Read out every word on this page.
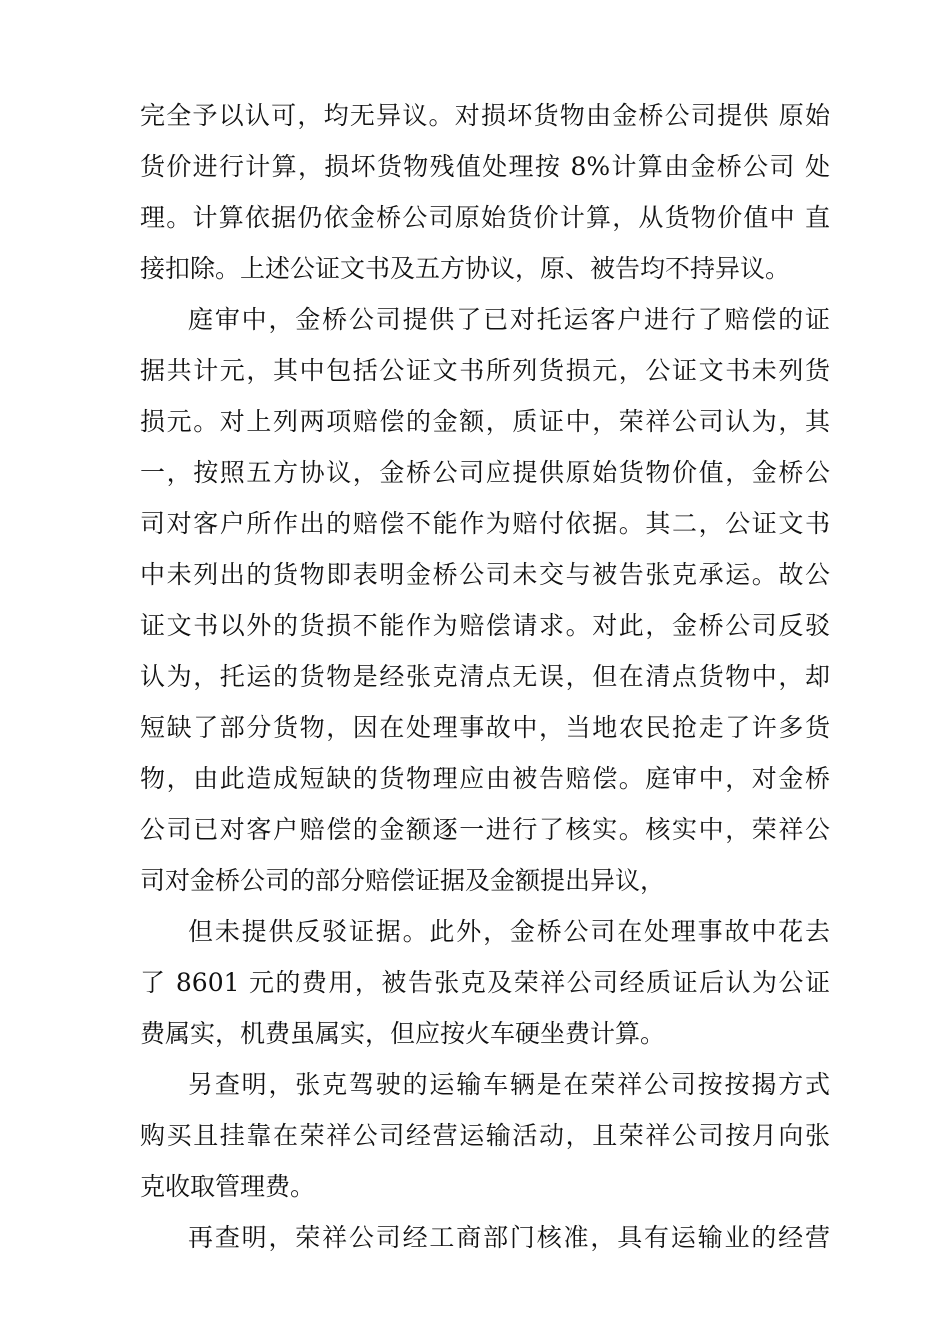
完全予以认可，均无异议。对损坏货物由金桥公司提供 原始
货价进行计算，损坏货物残值处理按 8%计算由金桥公司 处
理。计算依据仍依金桥公司原始货价计算，从货物价值中 直
接扣除。上述公证文书及五方协议，原、被告均不持异议。
庭审中，金桥公司提供了已对托运客户进行了赔偿的证
据共计元，其中包括公证文书所列货损元，公证文书未列货
损元。对上列两项赔偿的金额，质证中，荣祥公司认为，其
一，按照五方协议，金桥公司应提供原始货物价值，金桥公
司对客户所作出的赔偿不能作为赔付依据。其二，公证文书
中未列出的货物即表明金桥公司未交与被告张克承运。故公
证文书以外的货损不能作为赔偿请求。对此，金桥公司反驳
认为，托运的货物是经张克清点无误，但在清点货物中，却
短缺了部分货物，因在处理事故中，当地农民抢走了许多货
物，由此造成短缺的货物理应由被告赔偿。庭审中，对金桥
公司已对客户赔偿的金额逐一进行了核实。核实中，荣祥公
司对金桥公司的部分赔偿证据及金额提出异议，
但未提供反驳证据。此外，金桥公司在处理事故中花去
了 8601 元的费用，被告张克及荣祥公司经质证后认为公证
费属实，机费虽属实，但应按火车硬坐费计算。
另查明，张克驾驶的运输车辆是在荣祥公司按按揭方式
购买且挂靠在荣祥公司经营运输活动，且荣祥公司按月向张
克收取管理费。
再查明，荣祥公司经工商部门核准，具有运输业的经营
